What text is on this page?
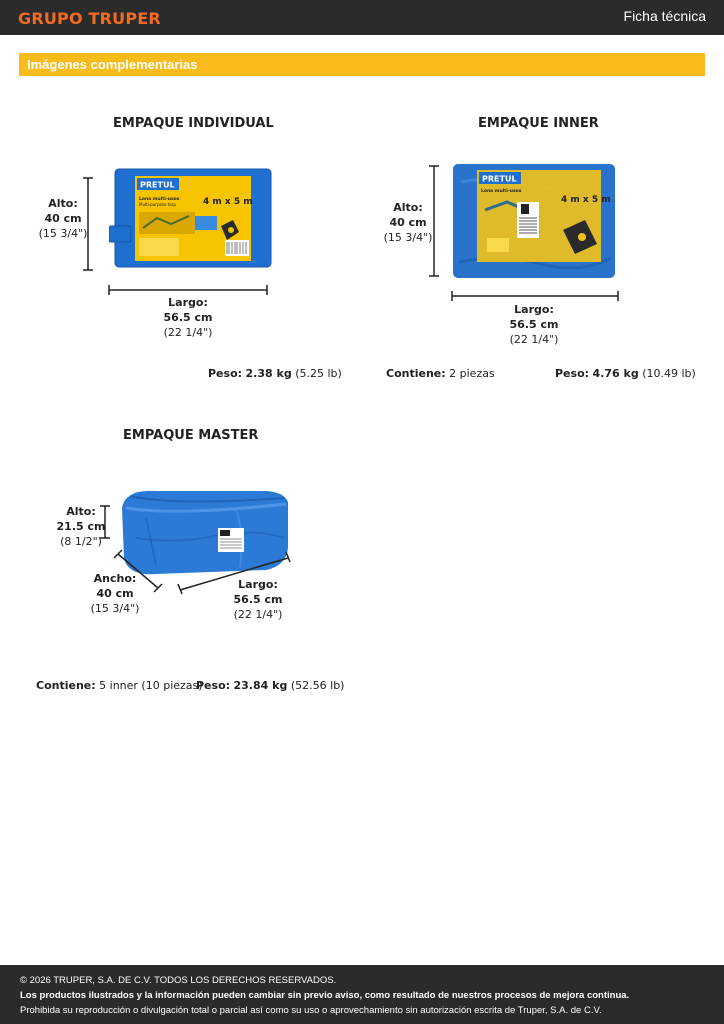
GRUPO TRUPER	Ficha técnica
Imágenes complementarias
EMPAQUE INDIVIDUAL
Alto:
40 cm
(15 3/4")
PRETUL
Lona multi-usos
Multi-purpose tarp	4 m x 5 m
Largo:
56.5 cm
(22 1/4")
Peso: 2.38 kg (5.25 lb)
EMPAQUE INNER
Alto:
40 cm
(15 3/4")
PRETUL
Lona multi-usos
4 m x 5 m
Largo:
56.5 cm
(22 1/4")
Contiene: 2 piezas	Peso: 4.76 kg (10.49 lb)
EMPAQUE MASTER
Alto:
21.5 cm
(8 1/2")
Ancho:
40 cm
(15 3/4")
Largo:
56.5 cm
(22 1/4")
Contiene: 5 inner (10 piezas)
Peso: 23.84 kg (52.56 lb)
© 2026 TRUPER, S.A. DE C.V. TODOS LOS DERECHOS RESERVADOS.
Los productos ilustrados y la información pueden cambiar sin previo aviso, como resultado de nuestros procesos de mejora continua.
Prohibida su reproducción o divulgación total o parcial así como su uso o aprovechamiento sin autorización escrita de Truper, S.A. de C.V.
